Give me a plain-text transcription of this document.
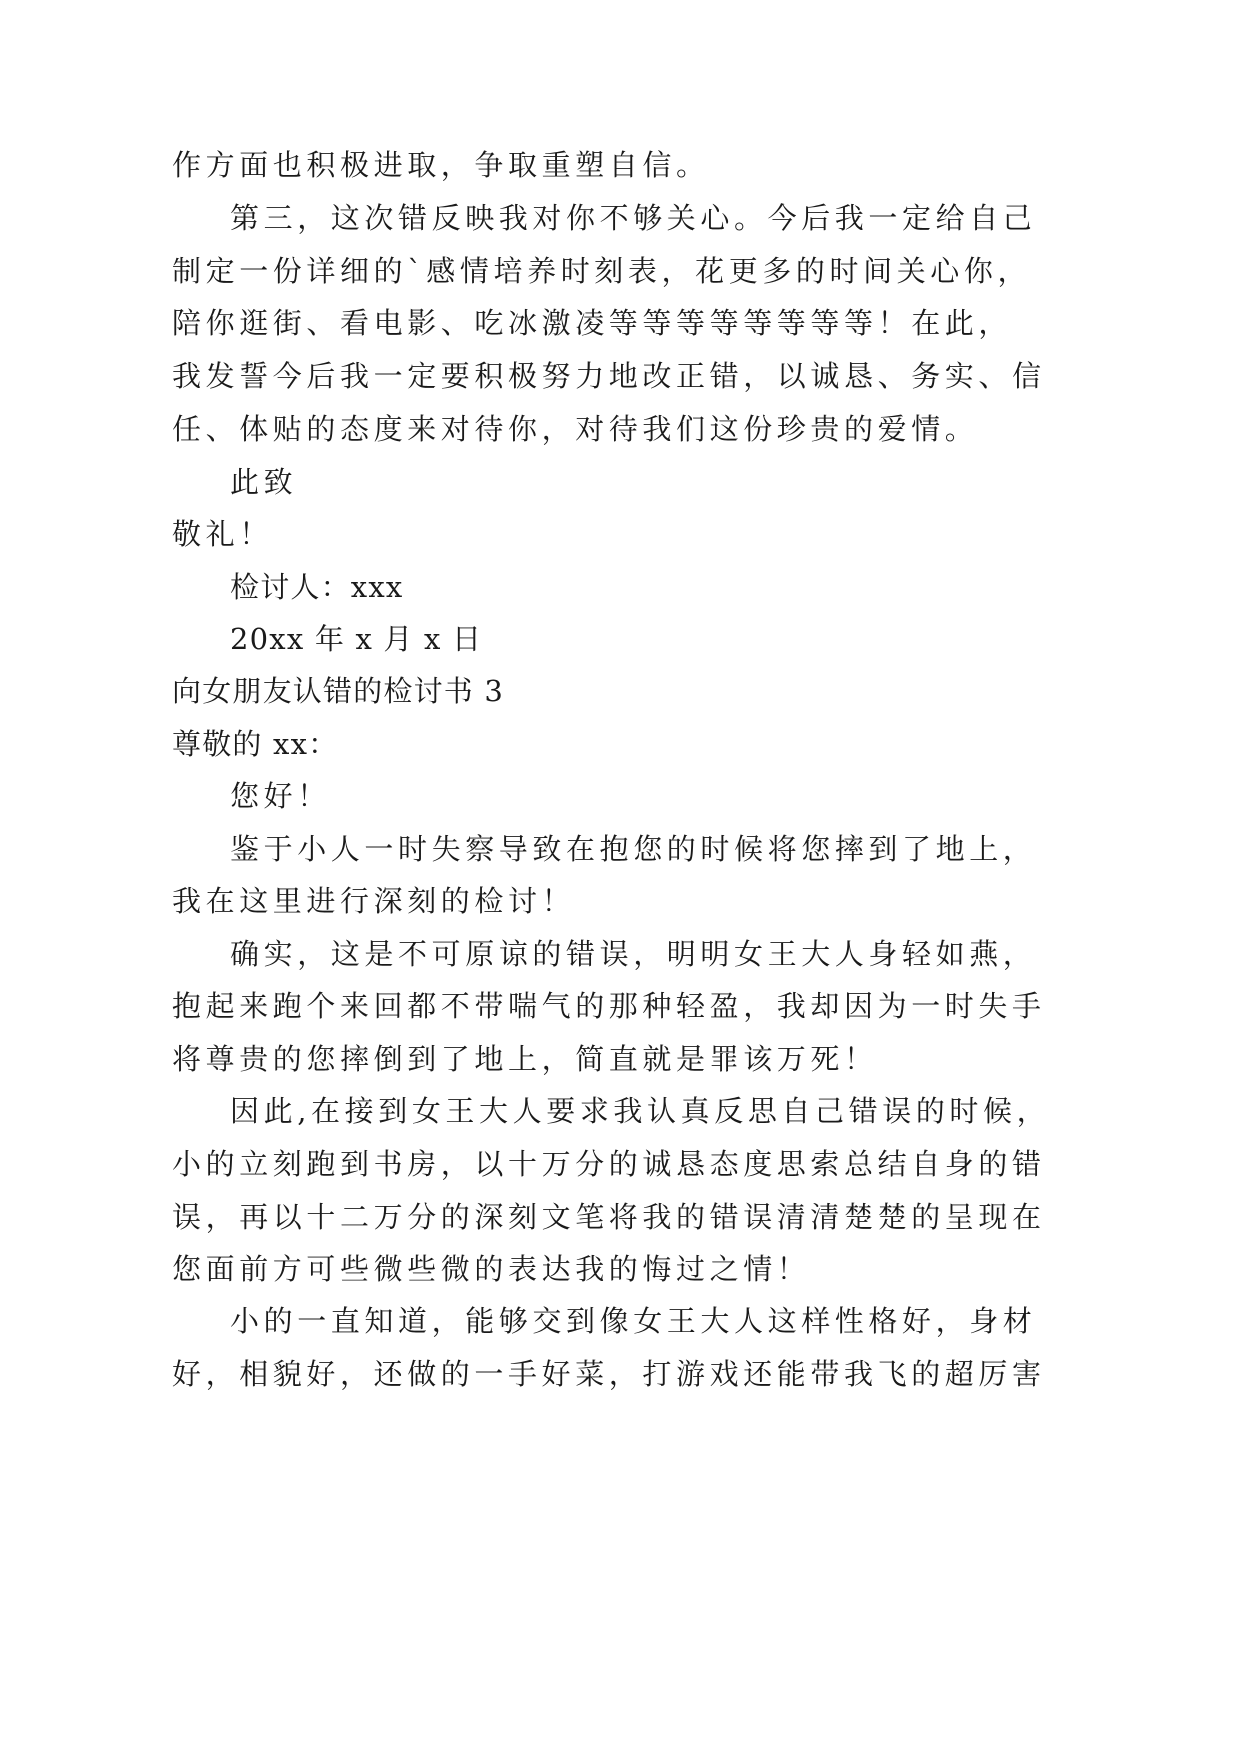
作方面也积极进取，争取重塑自信。
第三，这次错反映我对你不够关心。今后我一定给自己
制定一份详细的`感情培养时刻表，花更多的时间关心你，
陪你逛街、看电影、吃冰激凌等等等等等等等等！在此，
我发誓今后我一定要积极努力地改正错，以诚恳、务实、信
任、体贴的态度来对待你，对待我们这份珍贵的爱情。
此致
敬礼！
检讨人：xxx
20xx 年 x 月 x 日
向女朋友认错的检讨书 3
尊敬的 xx：
您好！
鉴于小人一时失察导致在抱您的时候将您摔到了地上，
我在这里进行深刻的检讨！
确实，这是不可原谅的错误，明明女王大人身轻如燕，
抱起来跑个来回都不带喘气的那种轻盈，我却因为一时失手
将尊贵的您摔倒到了地上，简直就是罪该万死！
因此,在接到女王大人要求我认真反思自己错误的时候，
小的立刻跑到书房，以十万分的诚恳态度思索总结自身的错
误，再以十二万分的深刻文笔将我的错误清清楚楚的呈现在
您面前方可些微些微的表达我的悔过之情！
小的一直知道，能够交到像女王大人这样性格好，身材
好，相貌好，还做的一手好菜，打游戏还能带我飞的超厉害
